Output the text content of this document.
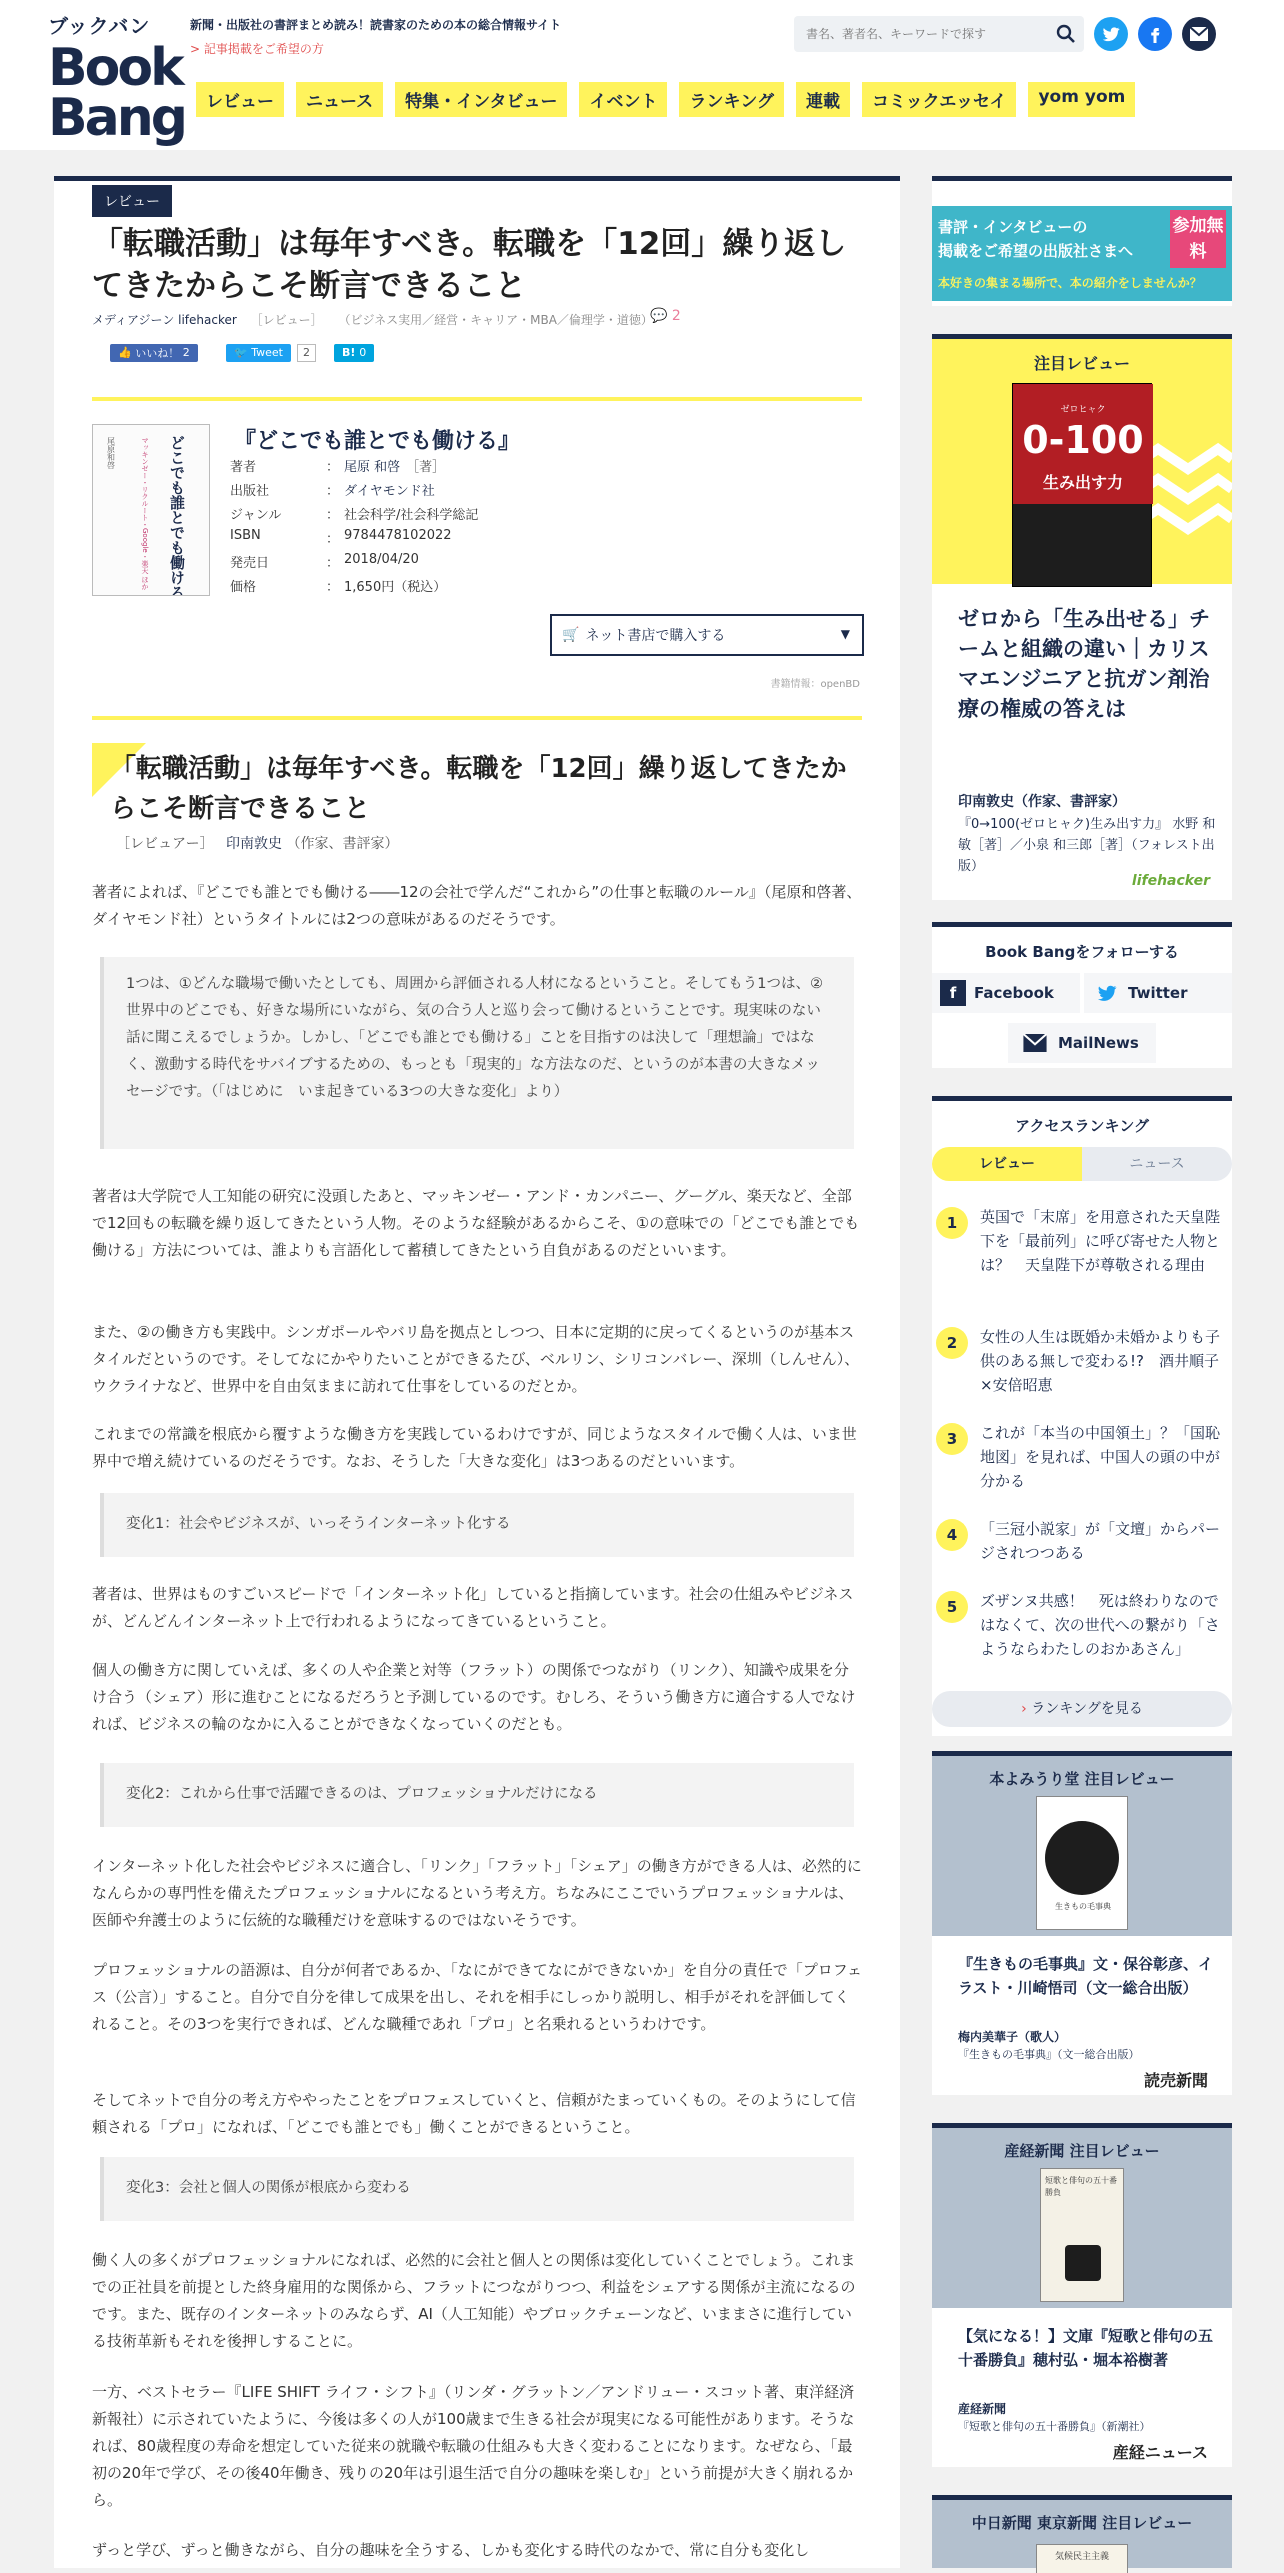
ブックバン
Book
Bang
新聞・出版社の書評まとめ読み！読書家のための本の総合情報サイト
> 記事掲載をご希望の方
レビュー	ニュース	特集・インタビュー	イベント	ランキング	連載	コミックエッセイ	yom yom
書名、著者名、キーワードで探す
レビュー
「転職活動」は毎年すべき。転職を「12回」繰り返してきたからこそ断言できること
メディアジーン lifehacker ［レビュー］ （ビジネス実用／経営・キャリア・MBA／倫理学・道徳）
💬 2
👍 いいね！
2	🐦 Tweet	2	B! 0
どこでも誰とでも働ける
尾原和啓	マッキンゼー・リクルート・Google・楽天 ほか	『どこでも誰とでも働ける』
著者	： 尾原 和啓 ［著］
出版社	： ダイヤモンド社
ジャンル	： 社会科学/社会科学総記
ISBN	： 9784478102022
発売日	： 2018/04/20
価格	： 1,650円（税込）
🛒 ネット書店で購入する	▼
書籍情報：openBD
「転職活動」は毎年すべき。転職を「12回」繰り返してきたからこそ断言できること
［レビュアー］ 印南敦史 （作家、書評家）
著者によれば、『どこでも誰とでも働ける――12の会社で学んだ“これから”の仕事と転職のルール』（尾原和啓著、ダイヤモンド社）というタイトルには2つの意味があるのだそうです。
1つは、①どんな職場で働いたとしても、周囲から評価される人材になるということ。そしてもう1つは、②世界中のどこでも、好きな場所にいながら、気の合う人と巡り会って働けるということです。現実味のない話に聞こえるでしょうか。しかし、「どこでも誰とでも働ける」ことを目指すのは決して「理想論」ではなく、激動する時代をサバイブするための、もっとも「現実的」な方法なのだ、というのが本書の大きなメッセージです。（「はじめに　いま起きている3つの大きな変化」より）
著者は大学院で人工知能の研究に没頭したあと、マッキンゼー・アンド・カンパニー、グーグル、楽天など、全部で12回もの転職を繰り返してきたという人物。そのような経験があるからこそ、①の意味での「どこでも誰とでも働ける」方法については、誰よりも言語化して蓄積してきたという自負があるのだといいます。
また、②の働き方も実践中。シンガポールやバリ島を拠点としつつ、日本に定期的に戻ってくるというのが基本スタイルだというのです。そしてなにかやりたいことができるたび、ベルリン、シリコンバレー、深圳（しんせん）、ウクライナなど、世界中を自由気ままに訪れて仕事をしているのだとか。
これまでの常識を根底から覆すような働き方を実践しているわけですが、同じようなスタイルで働く人は、いま世界中で増え続けているのだそうです。なお、そうした「大きな変化」は3つあるのだといいます。
変化1：社会やビジネスが、いっそうインターネット化する
著者は、世界はものすごいスピードで「インターネット化」していると指摘しています。社会の仕組みやビジネスが、どんどんインターネット上で行われるようになってきているということ。
個人の働き方に関していえば、多くの人や企業と対等（フラット）の関係でつながり（リンク）、知識や成果を分け合う（シェア）形に進むことになるだろうと予測しているのです。むしろ、そういう働き方に適合する人でなければ、ビジネスの輪のなかに入ることができなくなっていくのだとも。
変化2：これから仕事で活躍できるのは、プロフェッショナルだけになる
インターネット化した社会やビジネスに適合し、「リンク」「フラット」「シェア」の働き方ができる人は、必然的になんらかの専門性を備えたプロフェッショナルになるという考え方。ちなみにここでいうプロフェッショナルは、医師や弁護士のように伝統的な職種だけを意味するのではないそうです。
プロフェッショナルの語源は、自分が何者であるか、「なにができてなにができないか」を自分の責任で「プロフェス（公言）」すること。自分で自分を律して成果を出し、それを相手にしっかり説明し、相手がそれを評価してくれること。その3つを実行できれば、どんな職種であれ「プロ」と名乗れるというわけです。
そしてネットで自分の考え方ややったことをプロフェスしていくと、信頼がたまっていくもの。そのようにして信頼される「プロ」になれば、「どこでも誰とでも」働くことができるということ。
変化3：会社と個人の関係が根底から変わる
働く人の多くがプロフェッショナルになれば、必然的に会社と個人との関係は変化していくことでしょう。これまでの正社員を前提とした終身雇用的な関係から、フラットにつながりつつ、利益をシェアする関係が主流になるのです。また、既存のインターネットのみならず、AI（人工知能）やブロックチェーンなど、いままさに進行している技術革新もそれを後押しすることに。
一方、ベストセラー『LIFE SHIFT ライフ・シフト』（リンダ・グラットン／アンドリュー・スコット著、東洋経済新報社）に示されていたように、今後は多くの人が100歳まで生きる社会が現実になる可能性があります。そうなれば、80歳程度の寿命を想定していた従来の就職や転職の仕組みも大きく変わることになります。なぜなら、「最初の20年で学び、その後40年働き、残りの20年は引退生活で自分の趣味を楽しむ」という前提が大きく崩れるから。
ずっと学び、ずっと働きながら、自分の趣味を全うする、しかも変化する時代のなかで、常に自分も変化し
書評・インタビューの
掲載をご希望の出版社さまへ
参加無料
本好きの集まる場所で、本の紹介をしませんか？
注目レビュー
ゼロヒャク
0-100
生み出す力
ゼロから「生み出せる」チームと組織の違い｜カリスマエンジニアと抗ガン剤治療の権威の答えは
印南敦史（作家、書評家）
『0→100(ゼロヒャク)生み出す力』 水野 和敏［著］／小泉 和三郎［著］（フォレスト出版）
lifehacker
Book Bangをフォローする
f	Facebook	Twitter
MailNews
アクセスランキング
レビュー	ニュース
1	英国で「末席」を用意された天皇陛下を「最前列」に呼び寄せた人物とは？　天皇陛下が尊敬される理由
2	女性の人生は既婚か未婚かよりも子供のある無しで変わる!?　酒井順子×安倍昭恵
3	これが「本当の中国領土」？「国恥地図」を見れば、中国人の頭の中が分かる
4	「三冠小説家」が「文壇」からパージされつつある
5	ズザンヌ共感！　死は終わりなのではなくて、次の世代への繋がり「さようならわたしのおかあさん」
› ランキングを見る
本よみうり堂 注目レビュー
生きもの毛事典
『生きもの毛事典』文・保谷彰彦、イラスト・川崎悟司（文一総合出版）
梅内美華子（歌人）
『生きもの毛事典』（文一総合出版）
読売新聞
産経新聞 注目レビュー
短歌と俳句の五十番勝負
【気になる！】文庫『短歌と俳句の五十番勝負』穂村弘・堀本裕樹著
産経新聞
『短歌と俳句の五十番勝負』（新潮社）
産経ニュース
中日新聞 東京新聞 注目レビュー
気候民主主義
